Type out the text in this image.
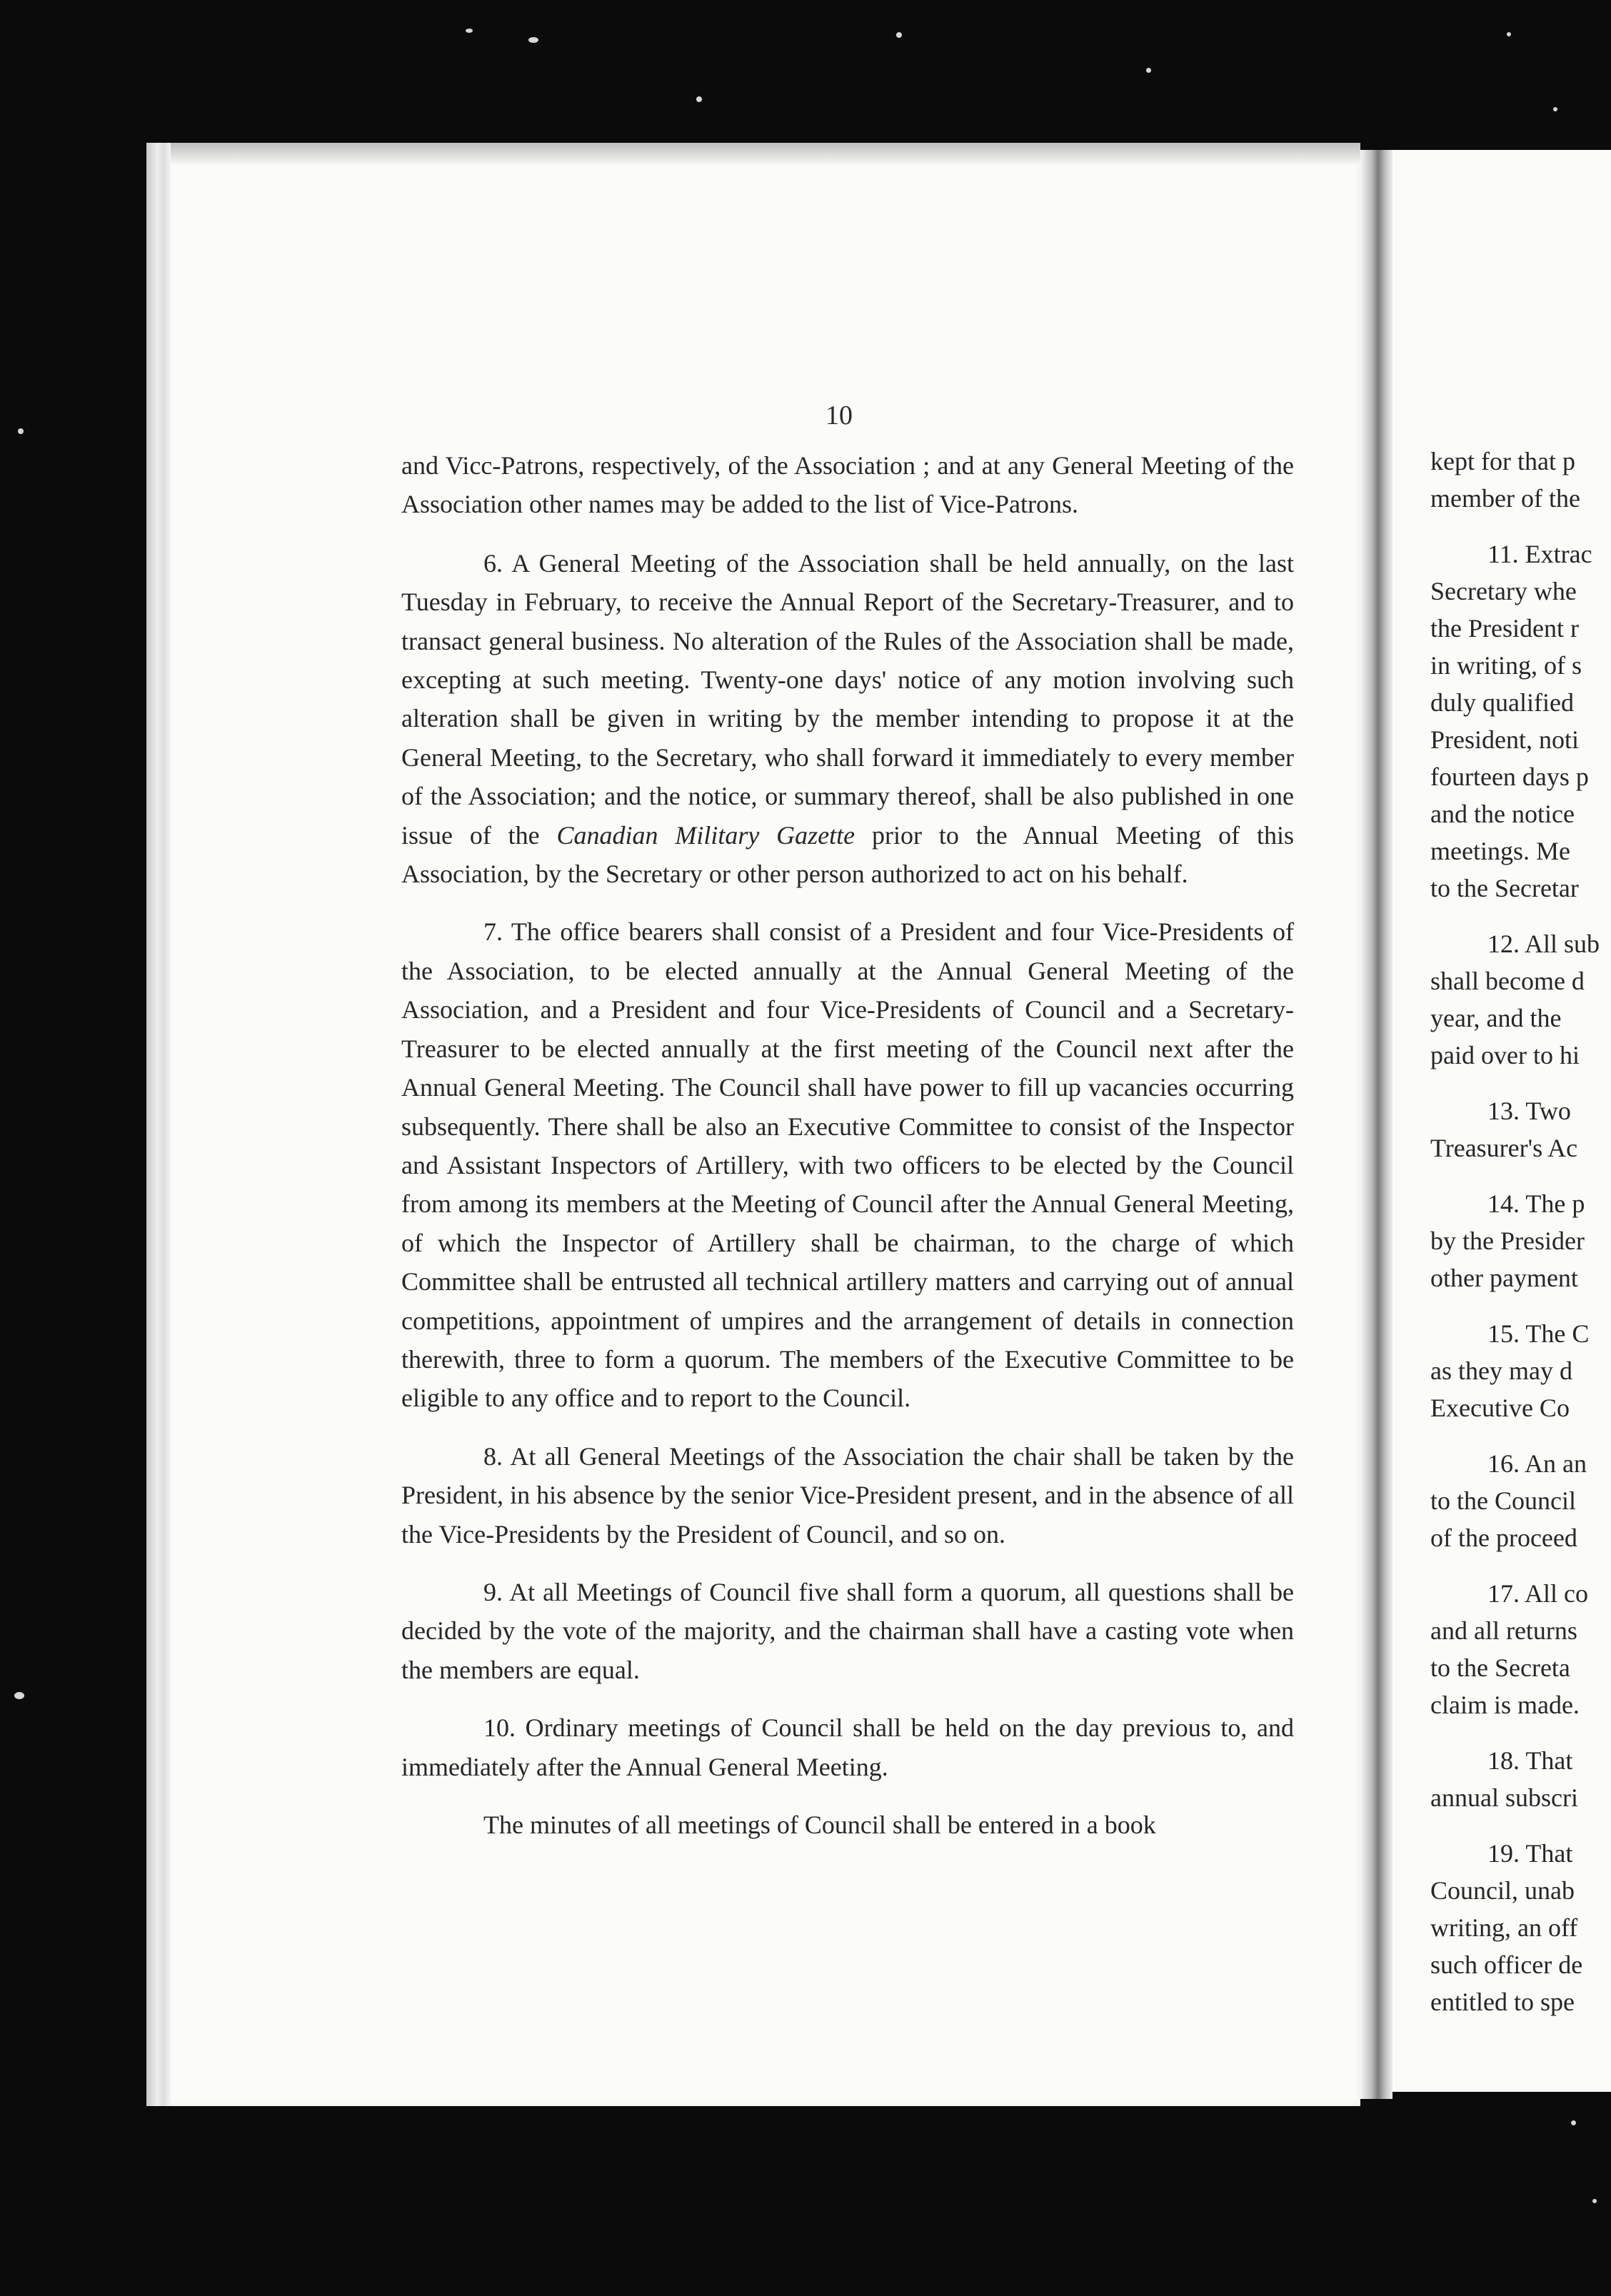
10

and Vicc-Patrons, respectively, of the Association ; and at any General Meeting of the Association other names may be added to the list of Vice-Patrons.

6. A General Meeting of the Association shall be held annually, on the last Tuesday in February, to receive the Annual Report of the Secretary-Treasurer, and to transact general business. No alteration of the Rules of the Association shall be made, excepting at such meeting. Twenty-one days' notice of any motion involving such alteration shall be given in writing by the member intending to propose it at the General Meeting, to the Secretary, who shall forward it immediately to every member of the Association; and the notice, or summary thereof, shall be also published in one issue of the Canadian Military Gazette prior to the Annual Meeting of this Association, by the Secretary or other person authorized to act on his behalf.

7. The office bearers shall consist of a President and four Vice-Presidents of the Association, to be elected annually at the Annual General Meeting of the Association, and a President and four Vice-Presidents of Council and a Secretary-Treasurer to be elected annually at the first meeting of the Council next after the Annual General Meeting. The Council shall have power to fill up vacancies occurring subsequently. There shall be also an Executive Committee to consist of the Inspector and Assistant Inspectors of Artillery, with two officers to be elected by the Council from among its members at the Meeting of Council after the Annual General Meeting, of which the Inspector of Artillery shall be chairman, to the charge of which Committee shall be entrusted all technical artillery matters and carrying out of annual competitions, appointment of umpires and the arrangement of details in connection therewith, three to form a quorum. The members of the Executive Committee to be eligible to any office and to report to the Council.

8. At all General Meetings of the Association the chair shall be taken by the President, in his absence by the senior Vice-President present, and in the absence of all the Vice-Presidents by the President of Council, and so on.

9. At all Meetings of Council five shall form a quorum, all questions shall be decided by the vote of the majority, and the chairman shall have a casting vote when the members are equal.

10. Ordinary meetings of Council shall be held on the day previous to, and immediately after the Annual General Meeting.

The minutes of all meetings of Council shall be entered in a book

kept for that p
member of the
11. Extrac
Secretary whe
the President r
in writing, of s
duly qualified
President, noti
fourteen days p
and the notice
meetings. Me
to the Secretar
12. All sub
shall become d
year, and the
paid over to hi
13. Two
Treasurer's Ac
14. The p
by the Presider
other payment
15. The C
as they may d
Executive Co
16. An an
to the Council
of the proceed
17. All co
and all returns
to the Secreta
claim is made.
18. That
annual subscri
19. That
Council, unab
writing, an off
such officer de
entitled to spe
